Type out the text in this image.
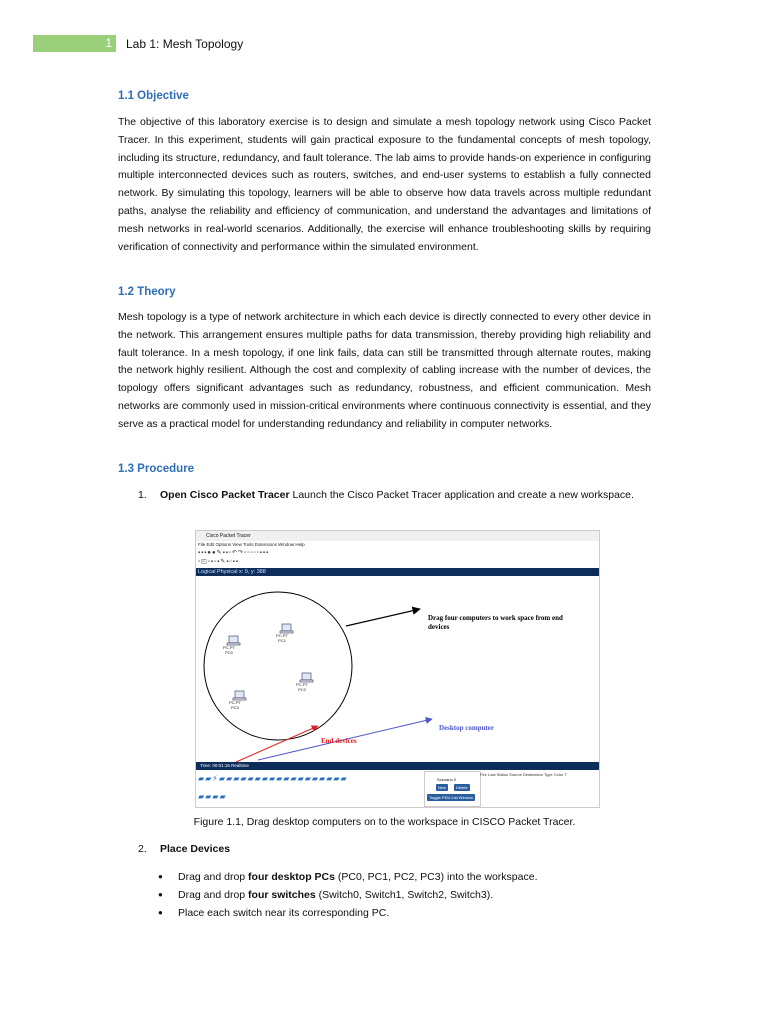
1 Lab 1: Mesh Topology
1.1 Objective

The objective of this laboratory exercise is to design and simulate a mesh topology network using Cisco Packet Tracer. In this experiment, students will gain practical exposure to the fundamental concepts of mesh topology, including its structure, redundancy, and fault tolerance. The lab aims to provide hands-on experience in configuring multiple interconnected devices such as routers, switches, and end-user systems to establish a fully connected network. By simulating this topology, learners will be able to observe how data travels across multiple redundant paths, analyse the reliability and efficiency of communication, and understand the advantages and limitations of mesh networks in real-world scenarios. Additionally, the exercise will enhance troubleshooting skills by requiring verification of connectivity and performance within the simulated environment.

1.2 Theory

Mesh topology is a type of network architecture in which each device is directly connected to every other device in the network. This arrangement ensures multiple paths for data transmission, thereby providing high reliability and fault tolerance. In a mesh topology, if one link fails, data can still be transmitted through alternate routes, making the network highly resilient. Although the cost and complexity of cabling increase with the number of devices, the topology offers significant advantages such as redundancy, robustness, and efficient communication. Mesh networks are commonly used in mission-critical environments where continuous connectivity is essential, and they serve as a practical model for understanding redundancy and reliability in computer networks.

1.3 Procedure
1. Open Cisco Packet Tracer Launch the Cisco Packet Tracer application and create a new workspace.
Figure 1.1, Drag desktop computers on to the workspace in CISCO Packet Tracer.
2. Place Devices
● Drag and drop four desktop PCs (PC0, PC1, PC2, PC3) into the workspace.
● Drag and drop four switches (Switch0, Switch1, Switch2, Switch3).
● Place each switch near its corresponding PC.
Cisco Packet Tracer
File Edit Options View Tools Extensions Window Help
▪▪▪●●✎▪▪▫↶↷▫▫▫▫▫▪▪▪
▫◰▫▪▫▪✎▪▫▪▪
Logical Physical x: 9, y: 388
PC-PT
PC1
PC-PT
PC0
PC-PT
PC2
PC-PT
PC3
Drag four computers to work space from end devices
End devices
Desktop computer
Time: 00:01:16 Realtime
▰▰⚡▰▰▰▰▰▰▰▰▰▰▰▰▰▰▰▰▰▰
▰▰▰▰
Scenario 0
New	Delete
Toggle PDU List Window
Fire Last Status Source Destination Type Color T
